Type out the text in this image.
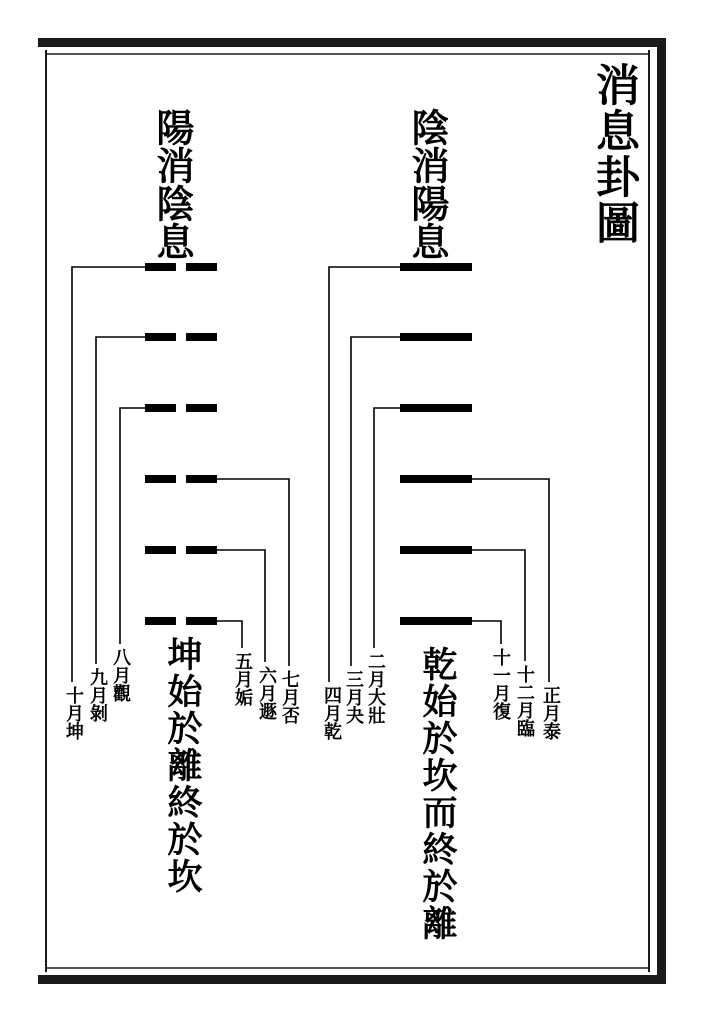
消息卦圖
陰消陽息
乾始於坎而終於離
四月乾 三月夬 二月大壯	正月泰
十二月臨
十一月復
陽消陰息
坤始於離終於坎
十月坤 九月剝 八月觀	七月否
六月遯
五月姤
